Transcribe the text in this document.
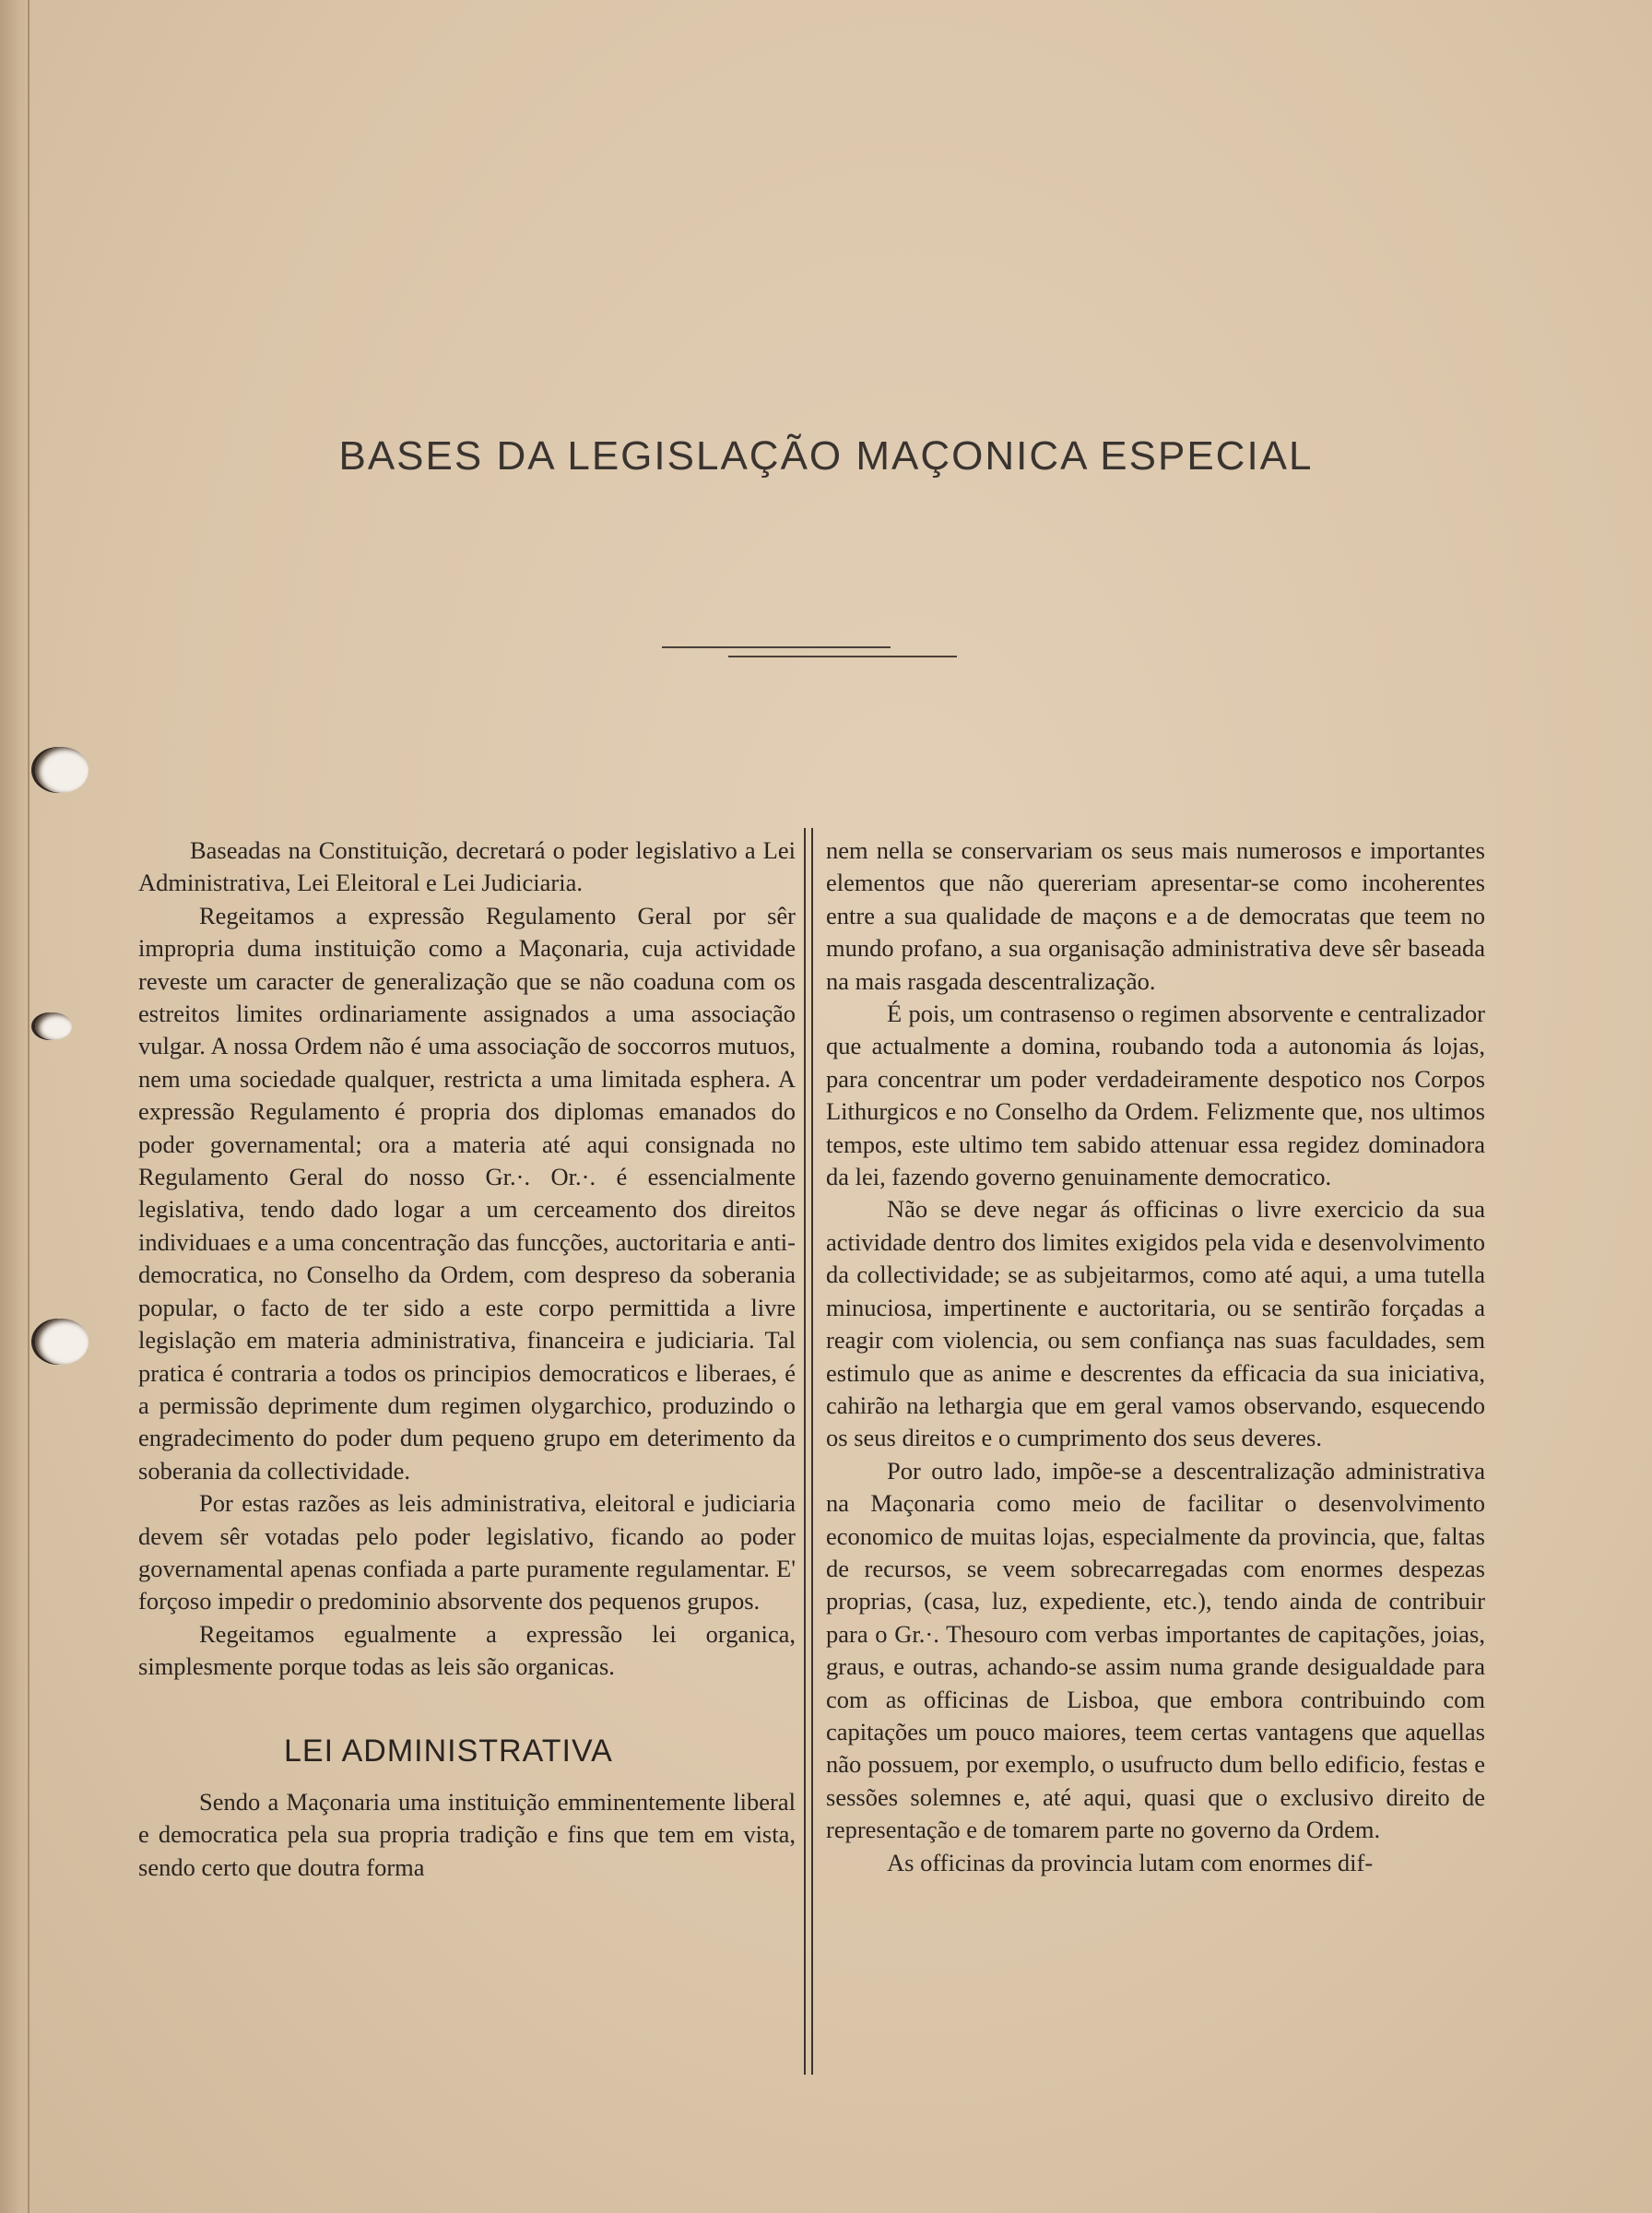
BASES DA LEGISLAÇÃO MAÇONICA ESPECIAL

Baseadas na Constituição, decretará o poder legislativo a Lei Administrativa, Lei Eleitoral e Lei Judiciaria.

Regeitamos a expressão Regulamento Geral por sêr impropria duma instituição como a Maçonaria, cuja actividade reveste um caracter de generalização que se não coaduna com os estreitos limites ordinariamente assignados a uma associação vulgar. A nossa Ordem não é uma associação de soccorros mutuos, nem uma sociedade qualquer, restricta a uma limitada esphera. A expressão Regulamento é propria dos diplomas emanados do poder governamental; ora a materia até aqui consignada no Regulamento Geral do nosso Gr.·. Or.·. é essencialmente legislativa, tendo dado logar a um cerceamento dos direitos individuaes e a uma concentração das funcções, auctoritaria e anti-democratica, no Conselho da Ordem, com despreso da soberania popular, o facto de ter sido a este corpo permittida a livre legislação em materia administrativa, financeira e judiciaria. Tal pratica é contraria a todos os principios democraticos e liberaes, é a permissão deprimente dum regimen olygarchico, produzindo o engradecimento do poder dum pequeno grupo em deterimento da soberania da collectividade.

Por estas razões as leis administrativa, eleitoral e judiciaria devem sêr votadas pelo poder legislativo, ficando ao poder governamental apenas confiada a parte puramente regulamentar. E' forçoso impedir o predominio absorvente dos pequenos grupos.

Regeitamos egualmente a expressão lei organica, simplesmente porque todas as leis são organicas.

LEI ADMINISTRATIVA

Sendo a Maçonaria uma instituição emminentemente liberal e democratica pela sua propria tradição e fins que tem em vista, sendo certo que doutra forma

nem nella se conservariam os seus mais numerosos e importantes elementos que não quereriam apresentar-se como incoherentes entre a sua qualidade de maçons e a de democratas que teem no mundo profano, a sua organisação administrativa deve sêr baseada na mais rasgada descentralização.

É pois, um contrasenso o regimen absorvente e centralizador que actualmente a domina, roubando toda a autonomia ás lojas, para concentrar um poder verdadeiramente despotico nos Corpos Lithurgicos e no Conselho da Ordem. Felizmente que, nos ultimos tempos, este ultimo tem sabido attenuar essa regidez dominadora da lei, fazendo governo genuinamente democratico.

Não se deve negar ás officinas o livre exercicio da sua actividade dentro dos limites exigidos pela vida e desenvolvimento da collectividade; se as subjeitarmos, como até aqui, a uma tutella minuciosa, impertinente e auctoritaria, ou se sentirão forçadas a reagir com violencia, ou sem confiança nas suas faculdades, sem estimulo que as anime e descrentes da efficacia da sua iniciativa, cahirão na lethargia que em geral vamos observando, esquecendo os seus direitos e o cumprimento dos seus deveres.

Por outro lado, impõe-se a descentralização administrativa na Maçonaria como meio de facilitar o desenvolvimento economico de muitas lojas, especialmente da provincia, que, faltas de recursos, se veem sobrecarregadas com enormes despezas proprias, (casa, luz, expediente, etc.), tendo ainda de contribuir para o Gr.·. Thesouro com verbas importantes de capitações, joias, graus, e outras, achando-se assim numa grande desigualdade para com as officinas de Lisboa, que embora contribuindo com capitações um pouco maiores, teem certas vantagens que aquellas não possuem, por exemplo, o usufructo dum bello edificio, festas e sessões solemnes e, até aqui, quasi que o exclusivo direito de representação e de tomarem parte no governo da Ordem.

As officinas da provincia lutam com enormes dif-
